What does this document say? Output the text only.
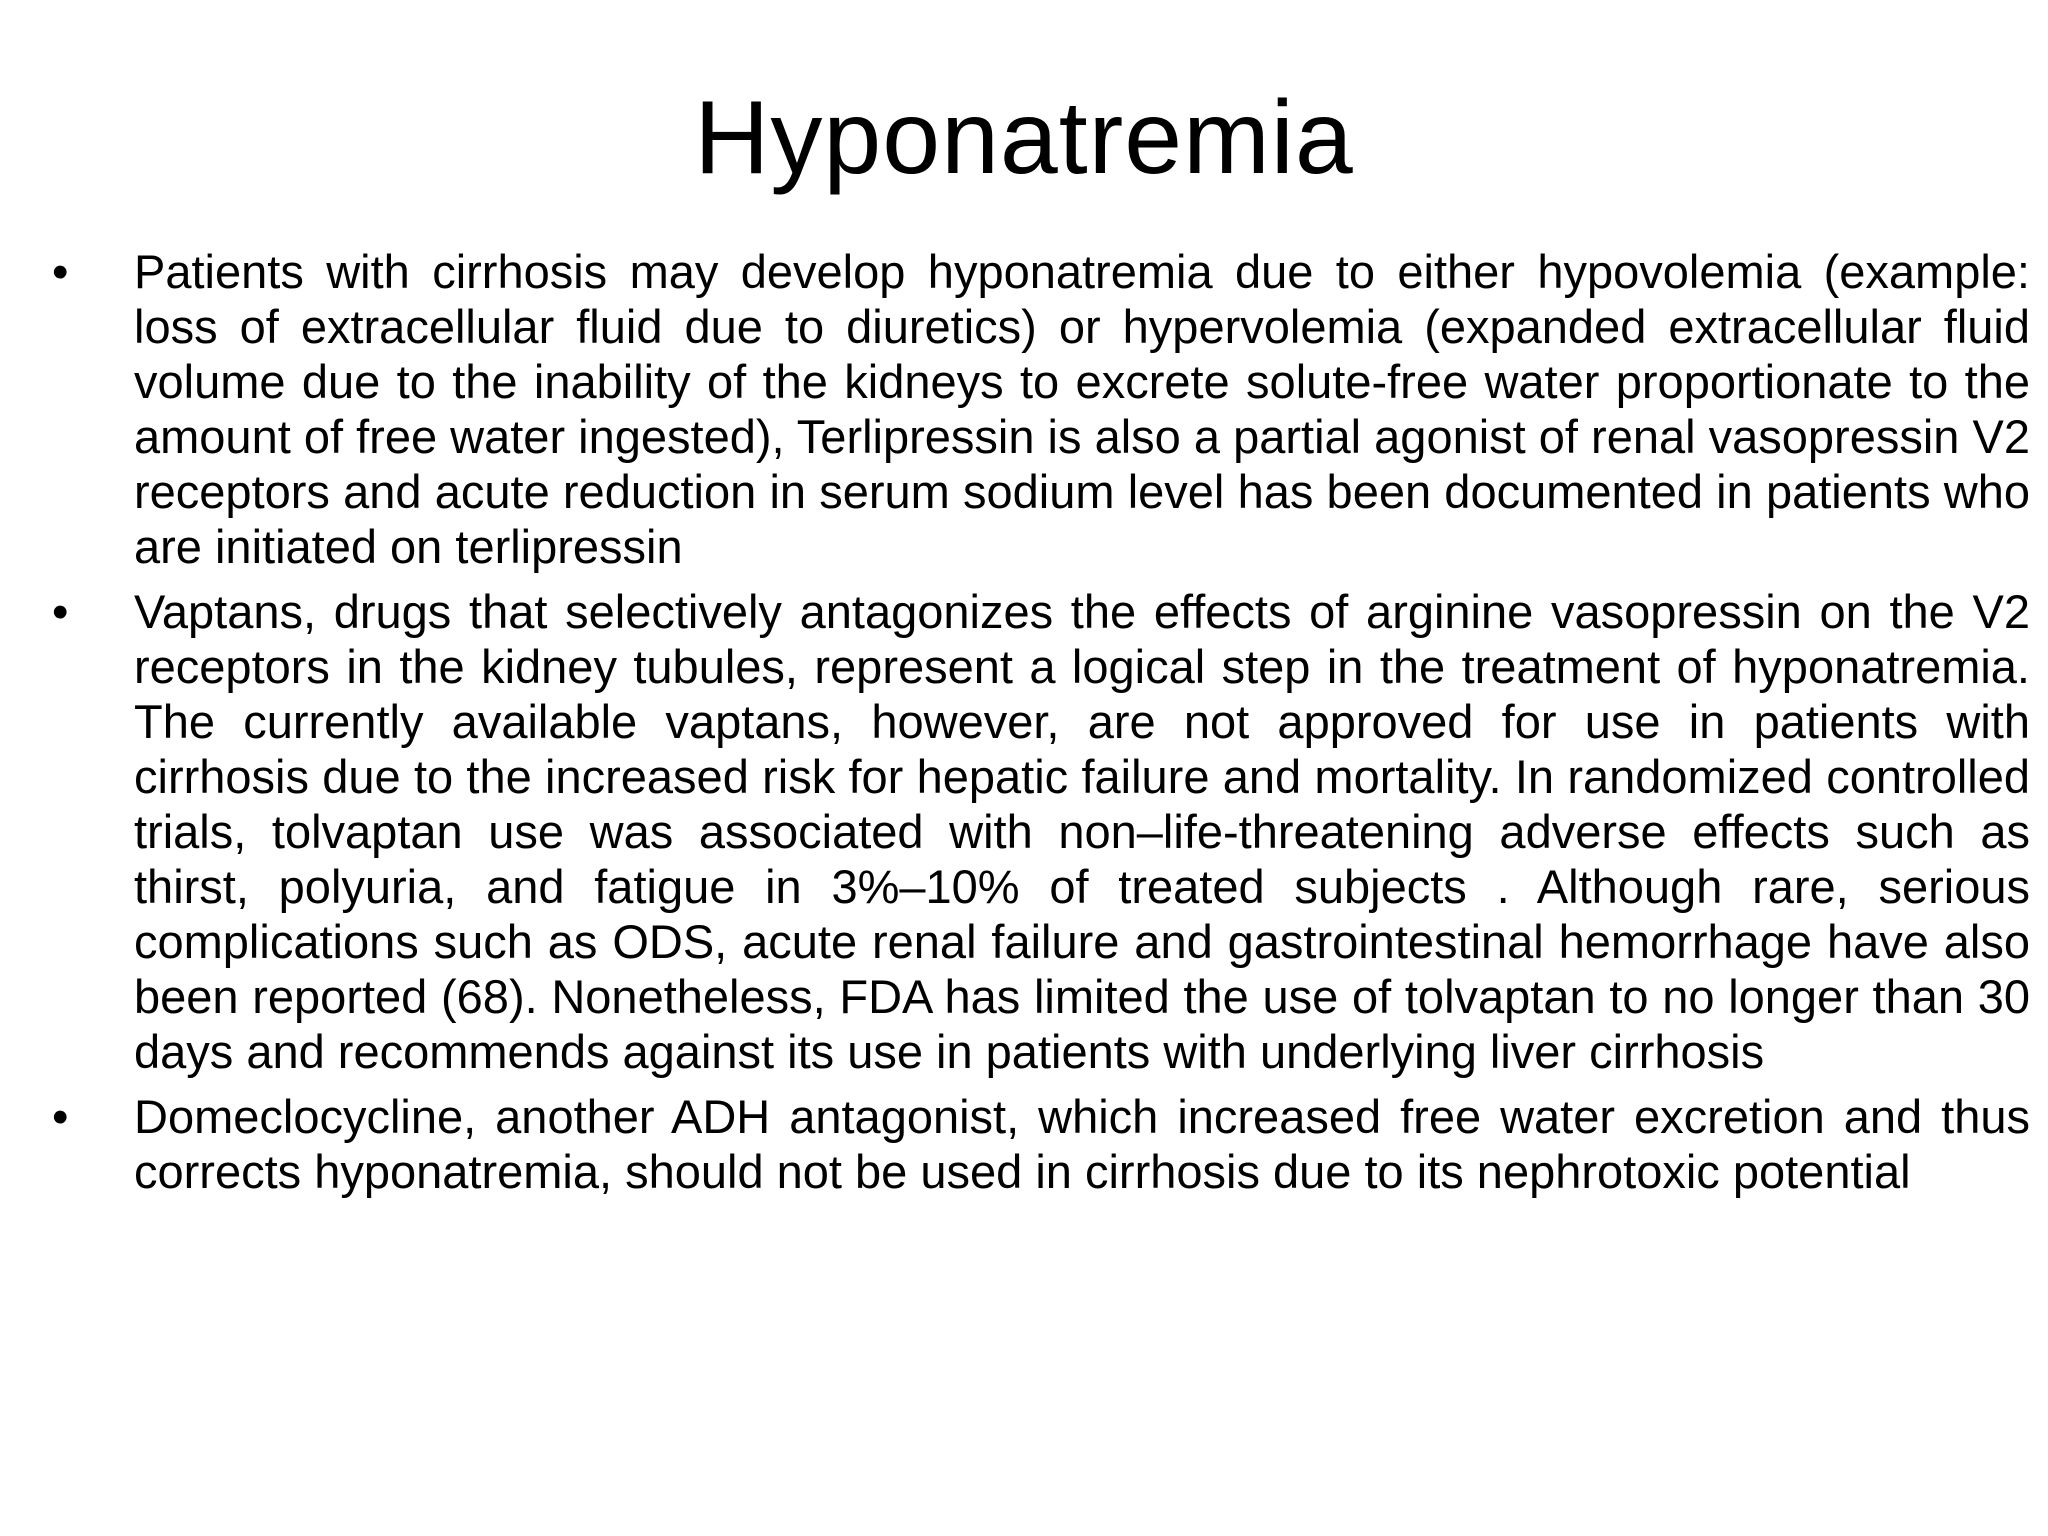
Hyponatremia
•	Patients with cirrhosis may develop hyponatremia due to either hypovolemia (example: loss of extracellular fluid due to diuretics) or hypervolemia (expanded extracellular fluid volume due to the inability of the kidneys to excrete solute-free water proportionate to the amount of free water ingested), Terlipressin is also a partial agonist of renal vasopressin V2 receptors and acute reduction in serum sodium level has been documented in patients who are initiated on terlipressin
•	Vaptans, drugs that selectively antagonizes the effects of arginine vasopressin on the V2 receptors in the kidney tubules, represent a logical step in the treatment of hyponatremia. The currently available vaptans, however, are not approved for use in patients with cirrhosis due to the increased risk for hepatic failure and mortality. In randomized controlled trials, tolvaptan use was associated with non–life-threatening adverse effects such as thirst, polyuria, and fatigue in 3%–10% of treated subjects . Although rare, serious complications such as ODS, acute renal failure and gastrointestinal hemorrhage have also been reported (68). Nonetheless, FDA has limited the use of tolvaptan to no longer than 30 days and recommends against its use in patients with underlying liver cirrhosis
•	Domeclocycline, another ADH antagonist, which increased free water excretion and thus corrects hyponatremia, should not be used in cirrhosis due to its nephrotoxic potential
